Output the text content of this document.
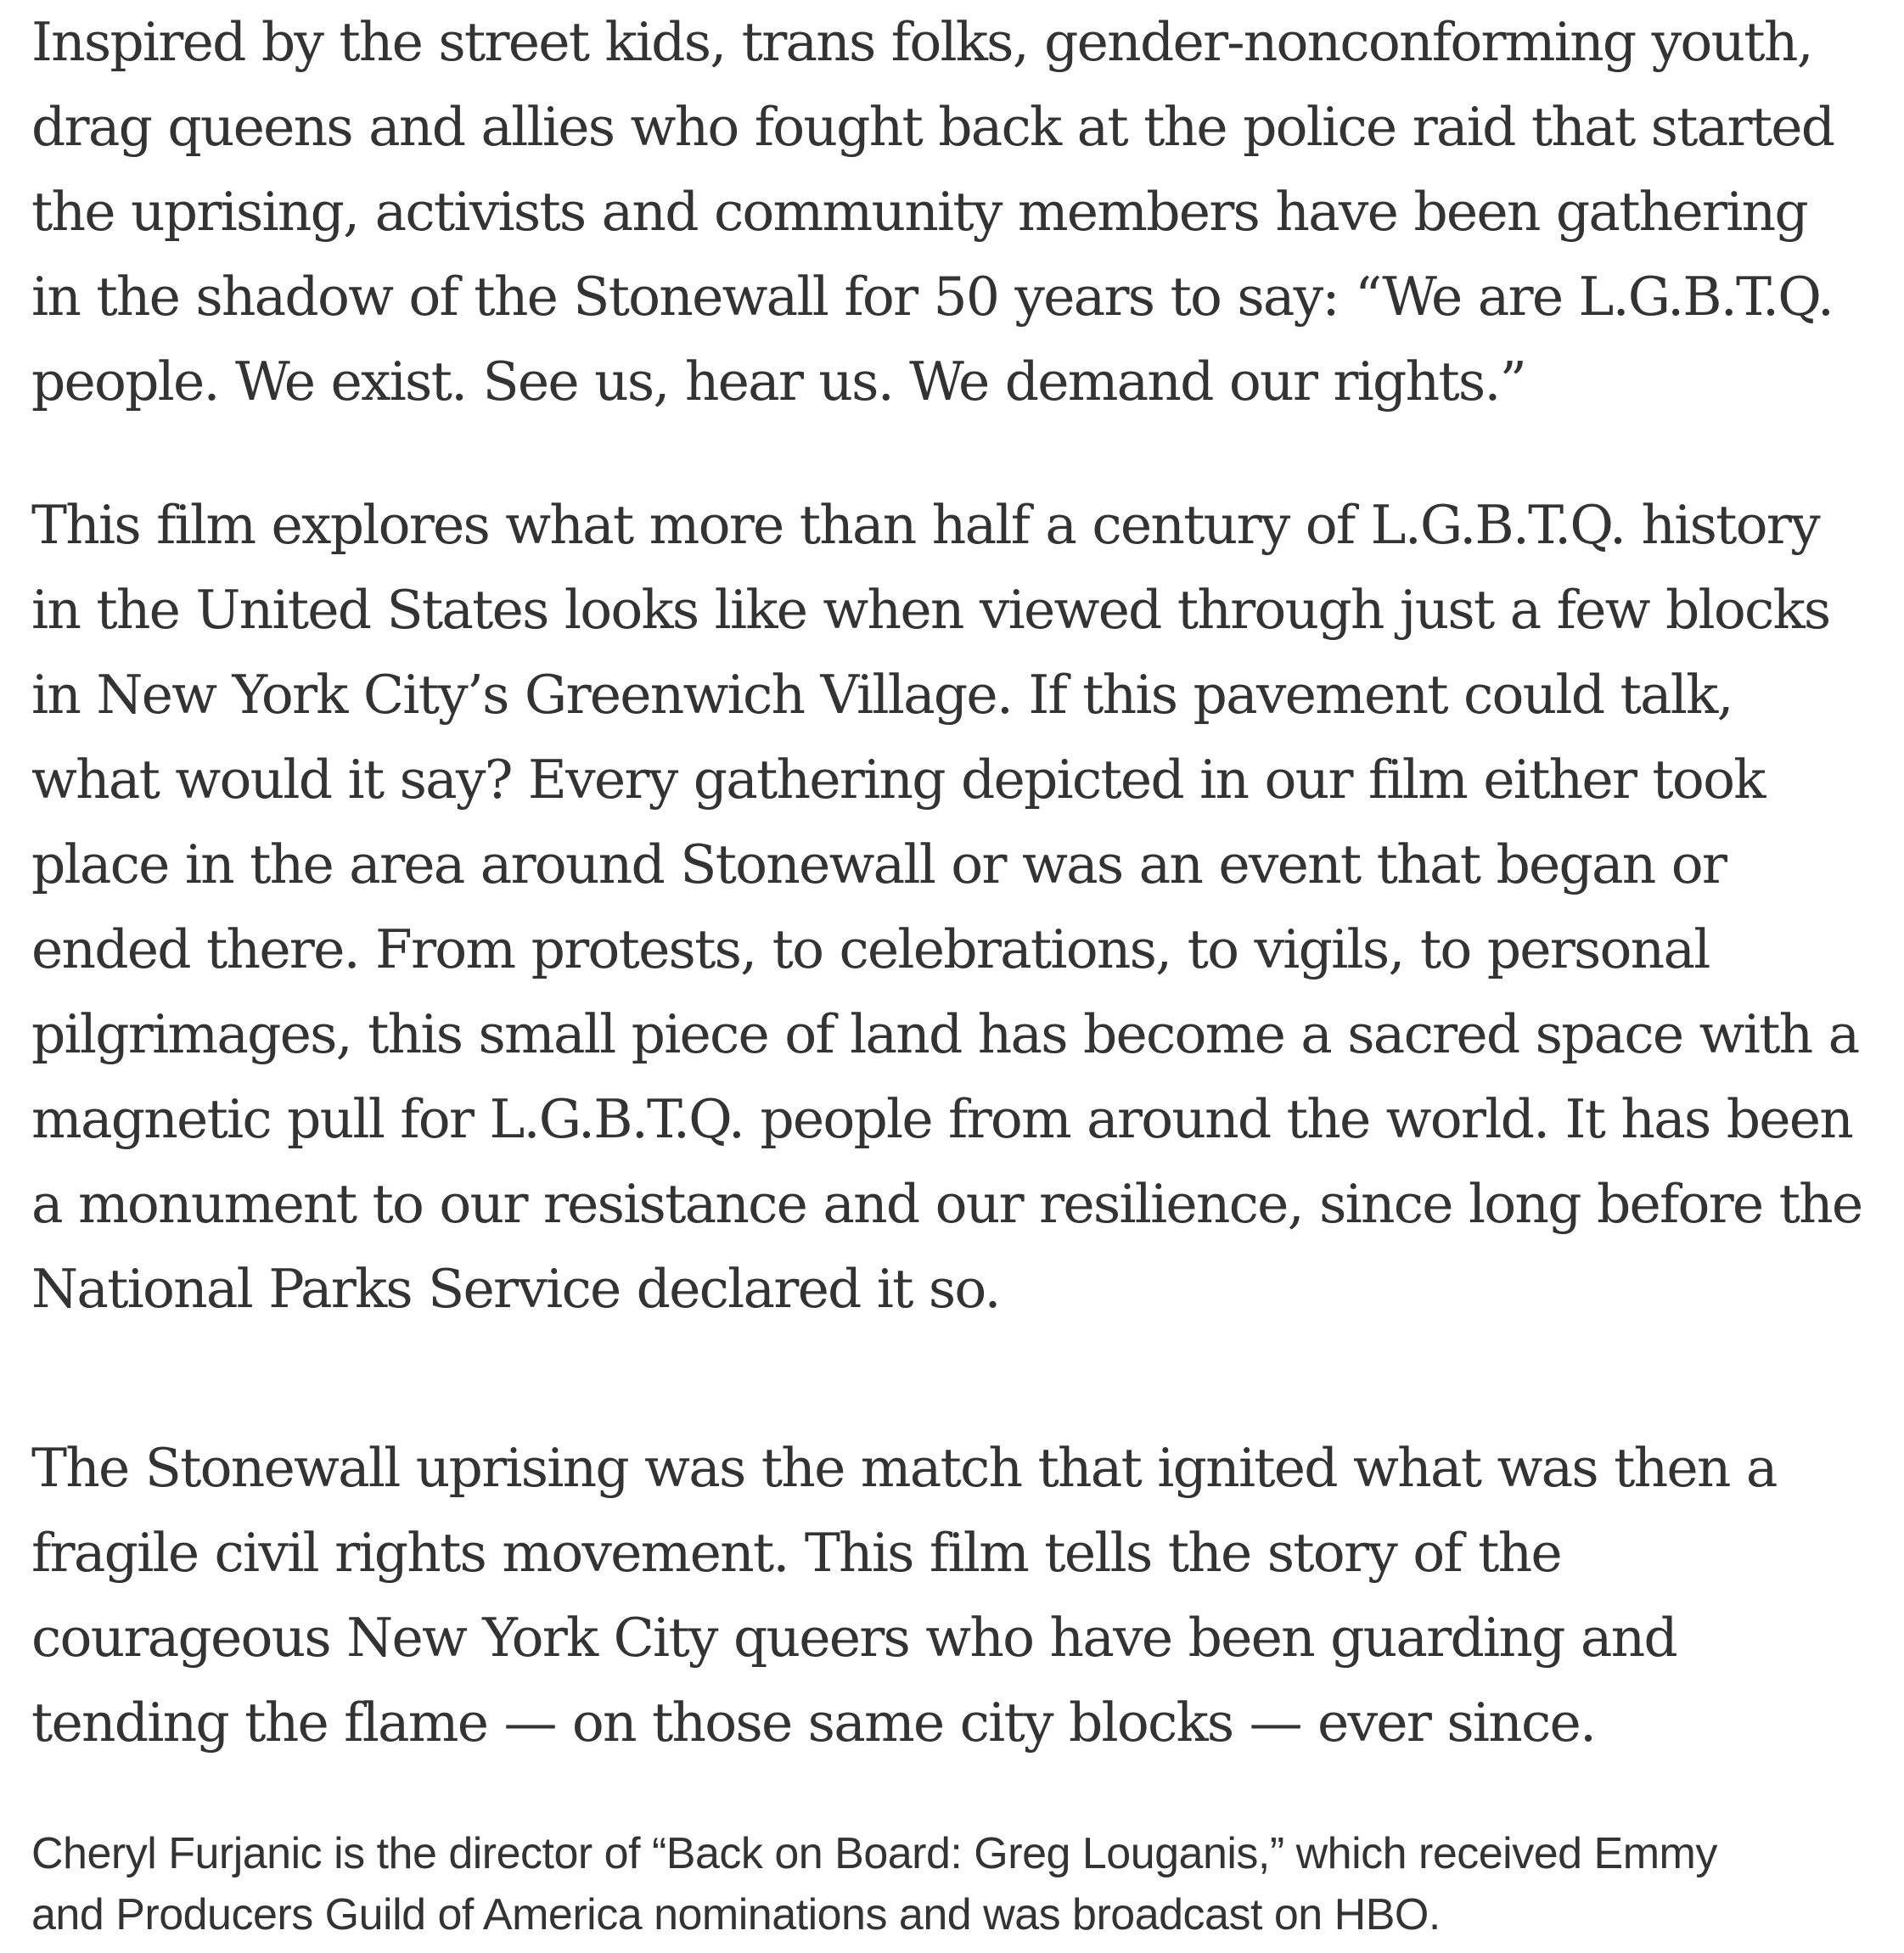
Inspired by the street kids, trans folks, gender-nonconforming youth,
drag queens and allies who fought back at the police raid that started
the uprising, activists and community members have been gathering
in the shadow of the Stonewall for 50 years to say: “We are L.G.B.T.Q.
people. We exist. See us, hear us. We demand our rights.”

This film explores what more than half a century of L.G.B.T.Q. history
in the United States looks like when viewed through just a few blocks
in New York City’s Greenwich Village. If this pavement could talk,
what would it say? Every gathering depicted in our film either took
place in the area around Stonewall or was an event that began or
ended there. From protests, to celebrations, to vigils, to personal
pilgrimages, this small piece of land has become a sacred space with a
magnetic pull for L.G.B.T.Q. people from around the world. It has been
a monument to our resistance and our resilience, since long before the
National Parks Service declared it so.

The Stonewall uprising was the match that ignited what was then a
fragile civil rights movement. This film tells the story of the
courageous New York City queers who have been guarding and
tending the flame — on those same city blocks — ever since.

Cheryl Furjanic is the director of “Back on Board: Greg Louganis,” which received Emmy
and Producers Guild of America nominations and was broadcast on HBO.
